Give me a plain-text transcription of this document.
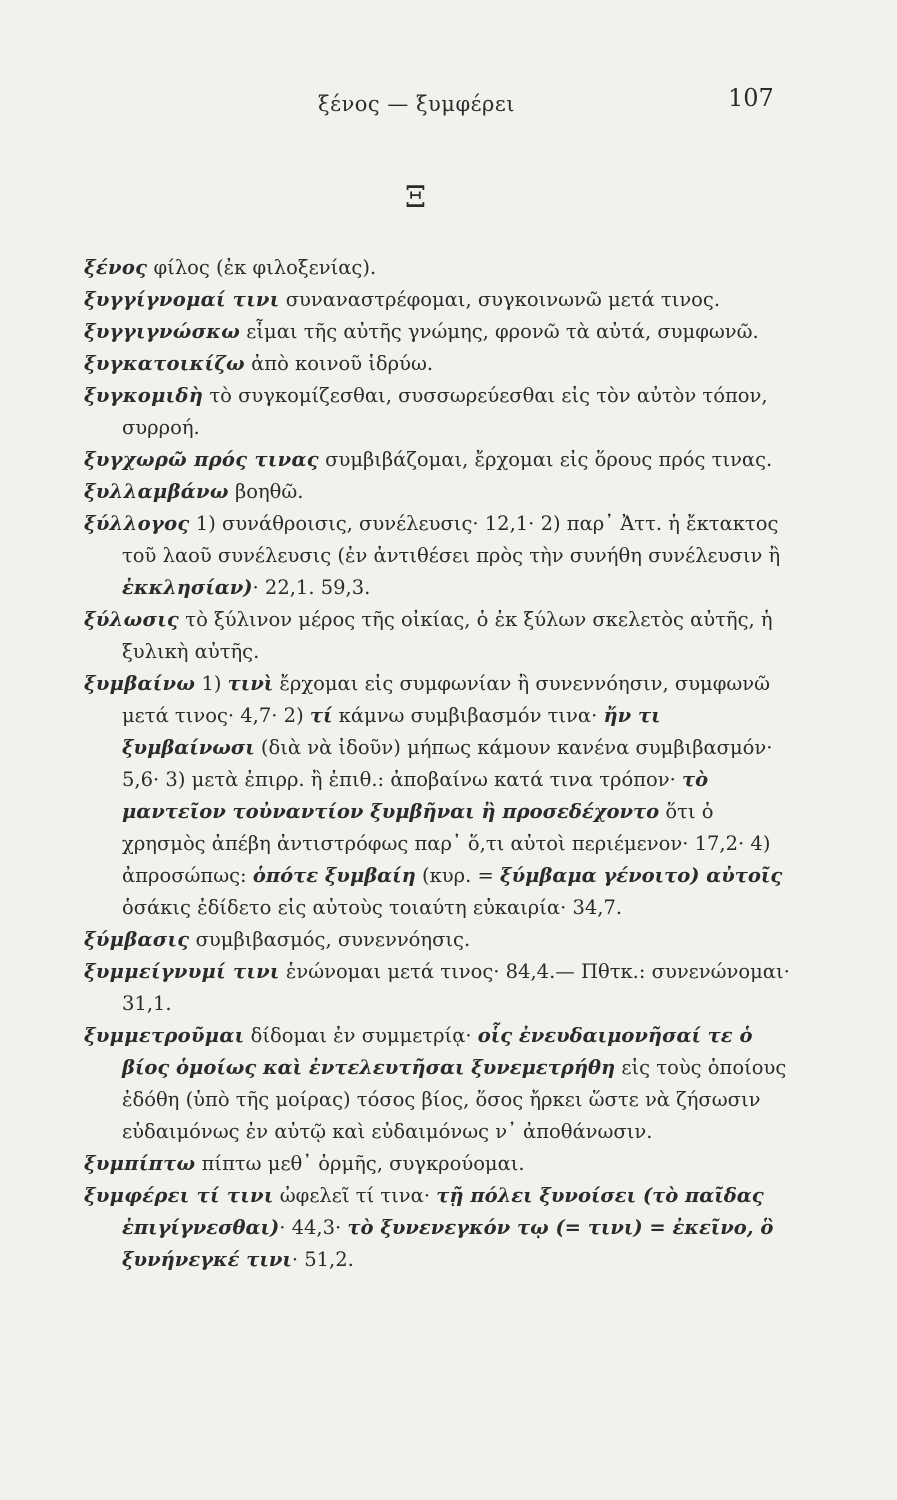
ξένος — ξυμφέρει	107
Ξ

ξένος φίλος (ἐκ φιλοξενίας).

ξυγγίγνομαί τινι συναναστρέφομαι, συγκοινωνῶ μετά τινος.

ξυγγιγνώσκω εἶμαι τῆς αὐτῆς γνώμης, φρονῶ τὰ αὐτά, συμφωνῶ.

ξυγκατοικίζω ἀπὸ κοινοῦ ἱδρύω.

ξυγκομιδὴ τὸ συγκομίζεσθαι, συσσωρεύεσθαι εἰς τὸν αὐτὸν τόπον, συρροή.

ξυγχωρῶ πρός τινας συμβιβάζομαι, ἔρχομαι εἰς ὅρους πρός τινας.

ξυλλαμβάνω βοηθῶ.

ξύλλογος 1) συνάθροισις, συνέλευσις· 12,1· 2) παρ᾽ Ἀττ. ἡ ἔκτακτος τοῦ λαοῦ συνέλευσις (ἐν ἀντιθέσει πρὸς τὴν συνήθη συνέλευσιν ἢ ἐκκλησίαν)· 22,1. 59,3.

ξύλωσις τὸ ξύλινον μέρος τῆς οἰκίας, ὁ ἐκ ξύλων σκελετὸς αὐτῆς, ἡ ξυλικὴ αὐτῆς.

ξυμβαίνω 1) τινὶ ἔρχομαι εἰς συμφωνίαν ἢ συνεννόησιν, συμφωνῶ μετά τινος· 4,7· 2) τί κάμνω συμβιβασμόν τινα· ἤν τι ξυμβαίνωσι (διὰ νὰ ἰδοῦν) μήπως κάμουν κανένα συμβιβασμόν· 5,6· 3) μετὰ ἐπιρρ. ἢ ἐπιθ.: ἀποβαίνω κατά τινα τρόπον· τὸ μαντεῖον τοὐναντίον ξυμβῆναι ἢ προσεδέχοντο ὅτι ὁ χρησμὸς ἀπέβη ἀντιστρόφως παρ᾽ ὅ,τι αὐτοὶ περιέμενον· 17,2· 4) ἀπροσώπως: ὁπότε ξυμβαίη (κυρ. = ξύμβαμα γένοιτο) αὐτοῖς ὁσάκις ἐδίδετο εἰς αὐτοὺς τοιαύτη εὐκαιρία· 34,7.

ξύμβασις συμβιβασμός, συνεννόησις.

ξυμμείγνυμί τινι ἑνώνομαι μετά τινος· 84,4.— Πθτκ.: συνενώνομαι· 31,1.

ξυμμετροῦμαι δίδομαι ἐν συμμετρίᾳ· οἷς ἐνευδαιμονῆσαί τε ὁ βίος ὁμοίως καὶ ἐντελευτῆσαι ξυνεμετρήθη εἰς τοὺς ὁποίους ἐδόθη (ὑπὸ τῆς μοίρας) τόσος βίος, ὅσος ἤρκει ὥστε νὰ ζήσωσιν εὐδαιμόνως ἐν αὐτῷ καὶ εὐδαιμόνως ν᾽ ἀποθάνωσιν.

ξυμπίπτω πίπτω μεθ᾽ ὁρμῆς, συγκρούομαι.

ξυμφέρει τί τινι ὠφελεῖ τί τινα· τῇ πόλει ξυνοίσει (τὸ παῖδας ἐπιγίγνεσθαι)· 44,3· τὸ ξυνενεγκόν τῳ (= τινι) = ἐκεῖνο, ὃ ξυνήνεγκέ τινι· 51,2.
